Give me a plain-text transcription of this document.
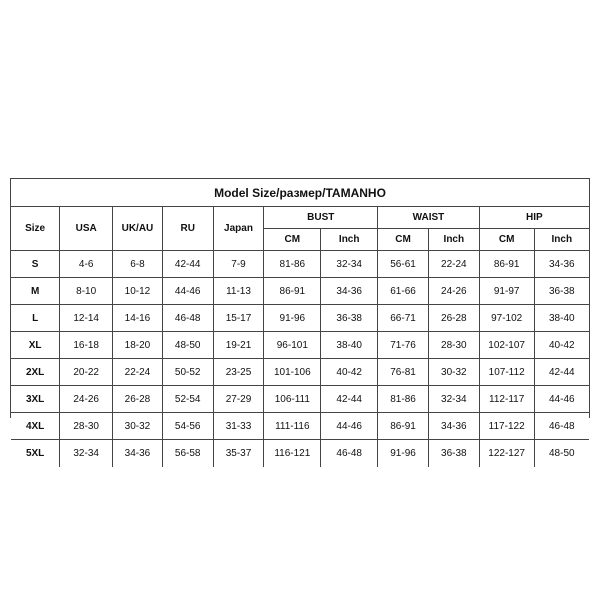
Model Size/размер/TAMANHO
Size	USA	UK/AU	RU	Japan	BUST		WAIST		HIP	
					CM	Inch	CM	Inch	CM	Inch
S	4-6	6-8	42-44	7-9	81-86	32-34	56-61	22-24	86-91	34-36
M	8-10	10-12	44-46	11-13	86-91	34-36	61-66	24-26	91-97	36-38
L	12-14	14-16	46-48	15-17	91-96	36-38	66-71	26-28	97-102	38-40
XL	16-18	18-20	48-50	19-21	96-101	38-40	71-76	28-30	102-107	40-42
2XL	20-22	22-24	50-52	23-25	101-106	40-42	76-81	30-32	107-112	42-44
3XL	24-26	26-28	52-54	27-29	106-111	42-44	81-86	32-34	112-117	44-46
4XL	28-30	30-32	54-56	31-33	111-116	44-46	86-91	34-36	117-122	46-48
5XL	32-34	34-36	56-58	35-37	116-121	46-48	91-96	36-38	122-127	48-50
